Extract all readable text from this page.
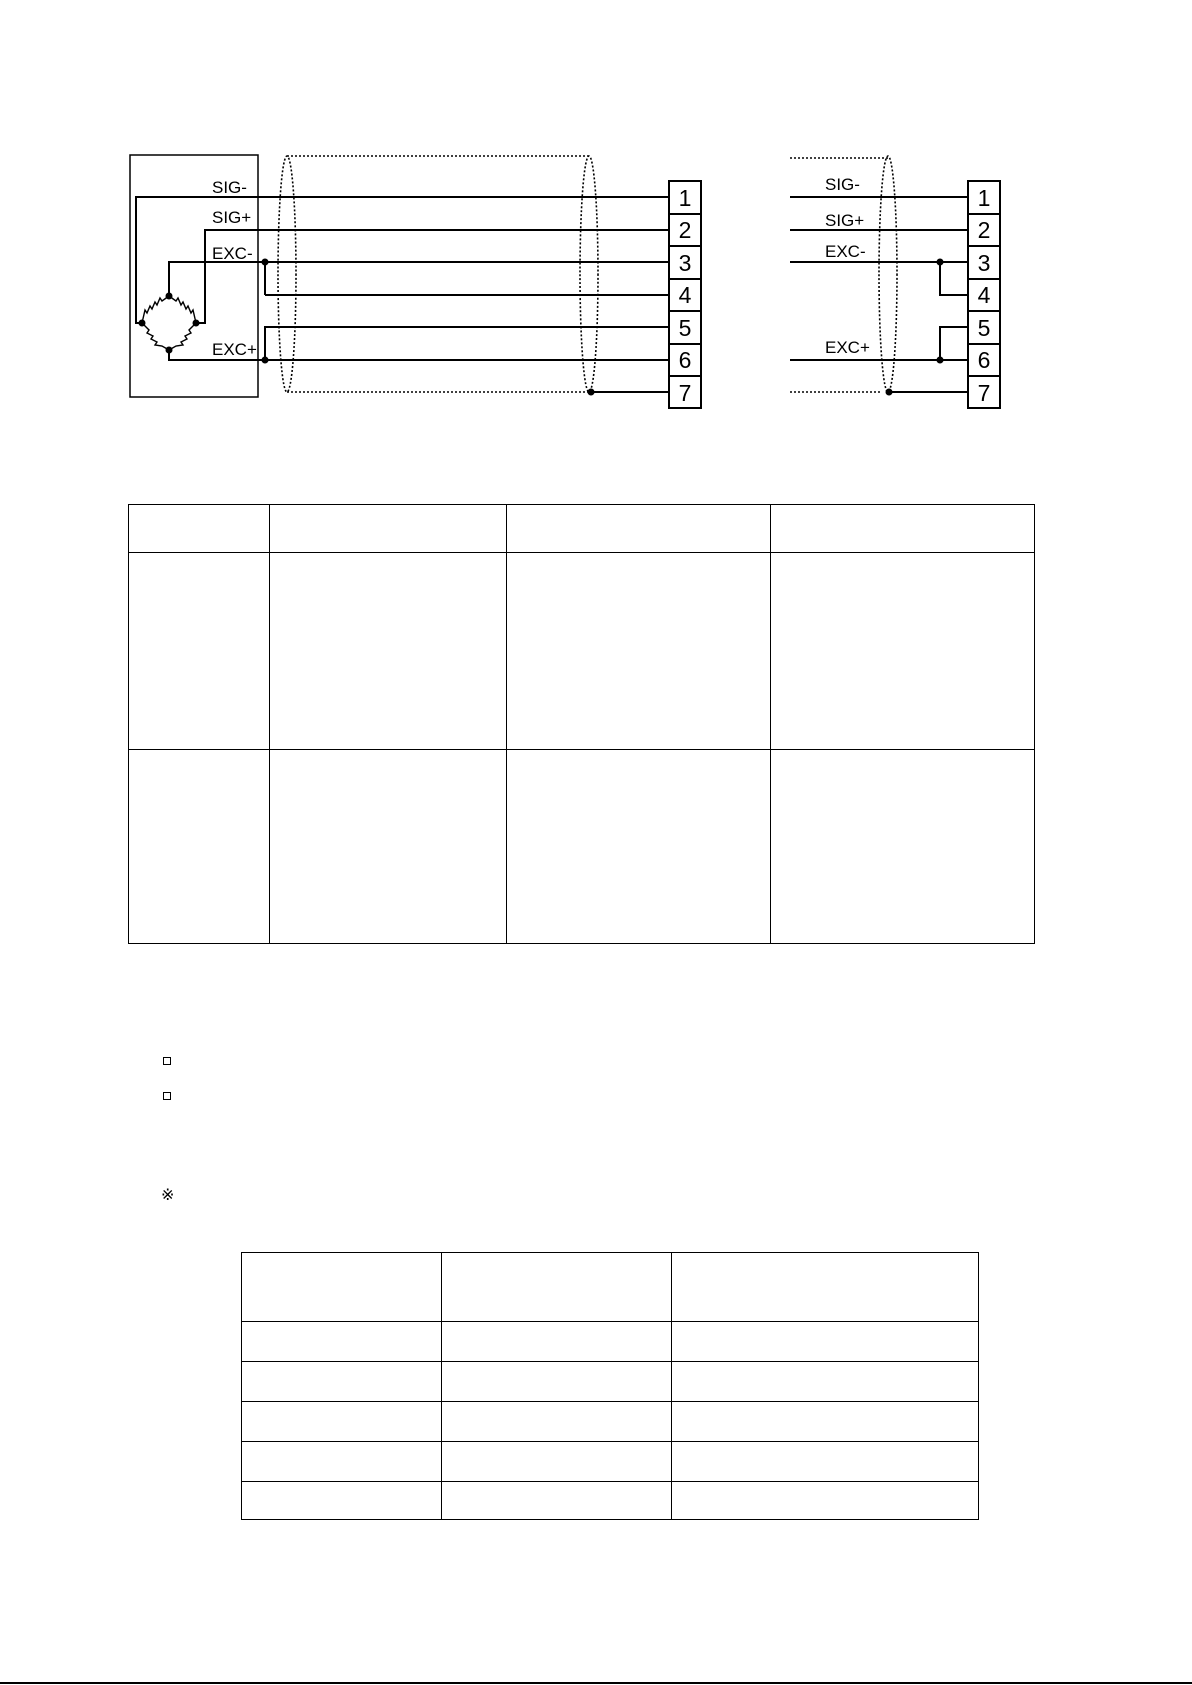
SIG-
SIG+
EXC-
EXC+
SIG-
SIG+
EXC-
EXC+
1
2
3
4
5
6
7
1
2
3
4
5
6
7

※
